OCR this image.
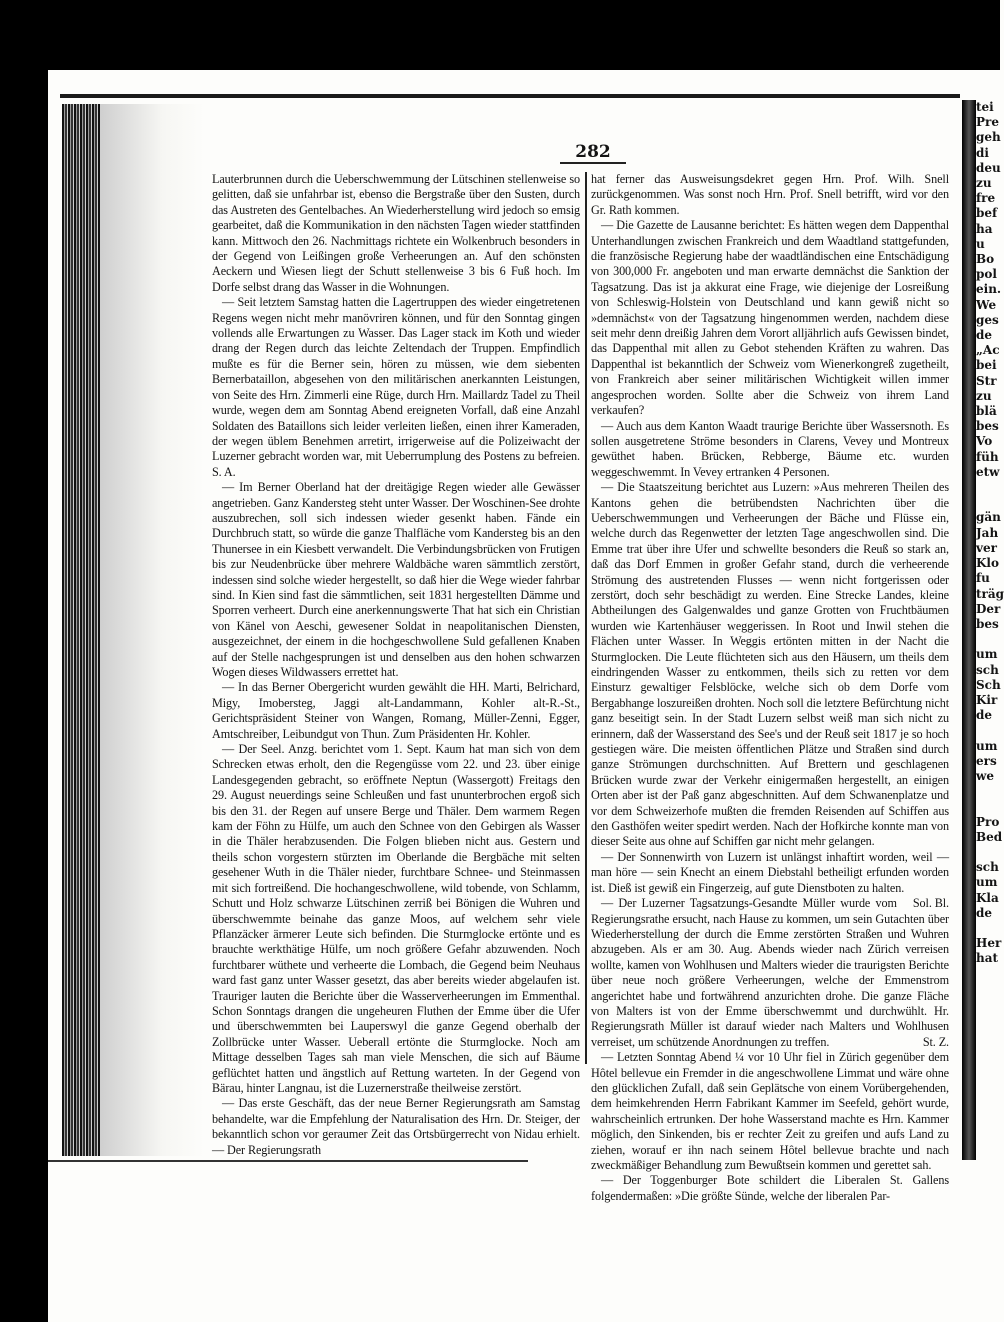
tei
Pre
geh
di
deu
zu
fre
bef
ha
u
Bo
pol
ein.
We
ges
de
„Ac
bei
Str
zu
blä
bes
Vo
füh
etw

gän
Jah
ver
Klo
fu
träg
Der
bes

um
sch
Sch
Kir
de

um
ers
we

Pro
Bed

sch
um
Kla
de

Her
hat
282

Lauterbrunnen durch die Ueberschwemmung der Lütschinen stellenweise so gelitten, daß sie unfahrbar ist, ebenso die Bergstraße über den Susten, durch das Austreten des Gentelbaches. An Wiederherstellung wird jedoch so emsig gearbeitet, daß die Kommunikation in den nächsten Tagen wieder stattfinden kann. Mittwoch den 26. Nachmittags richtete ein Wolkenbruch besonders in der Gegend von Leißingen große Verheerungen an. Auf den schönsten Aeckern und Wiesen liegt der Schutt stellenweise 3 bis 6 Fuß hoch. Im Dorfe selbst drang das Wasser in die Wohnungen.

— Seit letztem Samstag hatten die Lagertruppen des wieder eingetretenen Regens wegen nicht mehr manövriren können, und für den Sonntag gingen vollends alle Erwartungen zu Wasser. Das Lager stack im Koth und wieder drang der Regen durch das leichte Zeltendach der Truppen. Empfindlich mußte es für die Berner sein, hören zu müssen, wie dem siebenten Bernerbataillon, abgesehen von den militärischen anerkannten Leistungen, von Seite des Hrn. Zimmerli eine Rüge, durch Hrn. Maillardz Tadel zu Theil wurde, wegen dem am Sonntag Abend ereigneten Vorfall, daß eine Anzahl Soldaten des Bataillons sich leider verleiten ließen, einen ihrer Kameraden, der wegen üblem Benehmen arretirt, irrigerweise auf die Polizeiwacht der Luzerner gebracht worden war, mit Ueberrumplung des Postens zu befreien. S. A.

— Im Berner Oberland hat der dreitägige Regen wieder alle Gewässer angetrieben. Ganz Kandersteg steht unter Wasser. Der Woschinen-See drohte auszubrechen, soll sich indessen wieder gesenkt haben. Fände ein Durchbruch statt, so würde die ganze Thalfläche vom Kandersteg bis an den Thunersee in ein Kiesbett verwandelt. Die Verbindungsbrücken von Frutigen bis zur Neudenbrücke über mehrere Waldbäche waren sämmtlich zerstört, indessen sind solche wieder hergestellt, so daß hier die Wege wieder fahrbar sind. In Kien sind fast die sämmtlichen, seit 1831 hergestellten Dämme und Sporren verheert. Durch eine anerkennungswerte That hat sich ein Christian von Känel von Aeschi, gewesener Soldat in neapolitanischen Diensten, ausgezeichnet, der einem in die hochgeschwollene Suld gefallenen Knaben auf der Stelle nachgesprungen ist und denselben aus den hohen schwarzen Wogen dieses Wildwassers errettet hat.

— In das Berner Obergericht wurden gewählt die HH. Marti, Belrichard, Migy, Imobersteg, Jaggi alt-Landammann, Kohler alt-R.-St., Gerichtspräsident Steiner von Wangen, Romang, Müller-Zenni, Egger, Amtschreiber, Leibundgut von Thun. Zum Präsidenten Hr. Kohler.

— Der Seel. Anzg. berichtet vom 1. Sept. Kaum hat man sich von dem Schrecken etwas erholt, den die Regengüsse vom 22. und 23. über einige Landesgegenden gebracht, so eröffnete Neptun (Wassergott) Freitags den 29. August neuerdings seine Schleußen und fast ununterbrochen ergoß sich bis den 31. der Regen auf unsere Berge und Thäler. Dem warmem Regen kam der Föhn zu Hülfe, um auch den Schnee von den Gebirgen als Wasser in die Thäler herabzusenden. Die Folgen blieben nicht aus. Gestern und theils schon vorgestern stürzten im Oberlande die Bergbäche mit selten gesehener Wuth in die Thäler nieder, furchtbare Schnee- und Steinmassen mit sich fortreißend. Die hochangeschwollene, wild tobende, von Schlamm, Schutt und Holz schwarze Lütschinen zerriß bei Bönigen die Wuhren und überschwemmte beinahe das ganze Moos, auf welchem sehr viele Pflanzäcker ärmerer Leute sich befinden. Die Sturmglocke ertönte und es brauchte werkthätige Hülfe, um noch größere Gefahr abzuwenden. Noch furchtbarer wüthete und verheerte die Lombach, die Gegend beim Neuhaus ward fast ganz unter Wasser gesetzt, das aber bereits wieder abgelaufen ist. Trauriger lauten die Berichte über die Wasserverheerungen im Emmenthal. Schon Sonntags drangen die ungeheuren Fluthen der Emme über die Ufer und überschwemmten bei Lauperswyl die ganze Gegend oberhalb der Zollbrücke unter Wasser. Ueberall ertönte die Sturmglocke. Noch am Mittage desselben Tages sah man viele Menschen, die sich auf Bäume geflüchtet hatten und ängstlich auf Rettung warteten. In der Gegend von Bärau, hinter Langnau, ist die Luzernerstraße theilweise zerstört.

— Das erste Geschäft, das der neue Berner Regierungsrath am Samstag behandelte, war die Empfehlung der Naturalisation des Hrn. Dr. Steiger, der bekanntlich schon vor geraumer Zeit das Ortsbürgerrecht von Nidau erhielt. — Der Regierungsrath

hat ferner das Ausweisungsdekret gegen Hrn. Prof. Wilh. Snell zurückgenommen. Was sonst noch Hrn. Prof. Snell betrifft, wird vor den Gr. Rath kommen.

— Die Gazette de Lausanne berichtet: Es hätten wegen dem Dappenthal Unterhandlungen zwischen Frankreich und dem Waadtland stattgefunden, die französische Regierung habe der waadtländischen eine Entschädigung von 300,000 Fr. angeboten und man erwarte demnächst die Sanktion der Tagsatzung. Das ist ja akkurat eine Frage, wie diejenige der Losreißung von Schleswig-Holstein von Deutschland und kann gewiß nicht so »demnächst« von der Tagsatzung hingenommen werden, nachdem diese seit mehr denn dreißig Jahren dem Vorort alljährlich aufs Gewissen bindet, das Dappenthal mit allen zu Gebot stehenden Kräften zu wahren. Das Dappenthal ist bekanntlich der Schweiz vom Wienerkongreß zugetheilt, von Frankreich aber seiner militärischen Wichtigkeit willen immer angesprochen worden. Sollte aber die Schweiz von ihrem Land verkaufen?

— Auch aus dem Kanton Waadt traurige Berichte über Wassersnoth. Es sollen ausgetretene Ströme besonders in Clarens, Vevey und Montreux gewüthet haben. Brücken, Rebberge, Bäume etc. wurden weggeschwemmt. In Vevey ertranken 4 Personen.

— Die Staatszeitung berichtet aus Luzern: »Aus mehreren Theilen des Kantons gehen die betrübendsten Nachrichten über die Ueberschwemmungen und Verheerungen der Bäche und Flüsse ein, welche durch das Regenwetter der letzten Tage angeschwollen sind. Die Emme trat über ihre Ufer und schwellte besonders die Reuß so stark an, daß das Dorf Emmen in großer Gefahr stand, durch die verheerende Strömung des austretenden Flusses — wenn nicht fortgerissen oder zerstört, doch sehr beschädigt zu werden. Eine Strecke Landes, kleine Abtheilungen des Galgenwaldes und ganze Grotten von Fruchtbäumen wurden wie Kartenhäuser weggerissen. In Root und Inwil stehen die Flächen unter Wasser. In Weggis ertönten mitten in der Nacht die Sturmglocken. Die Leute flüchteten sich aus den Häusern, um theils dem eindringenden Wasser zu entkommen, theils sich zu retten vor dem Einsturz gewaltiger Felsblöcke, welche sich ob dem Dorfe vom Bergabhange loszureißen drohten. Noch soll die letztere Befürchtung nicht ganz beseitigt sein. In der Stadt Luzern selbst weiß man sich nicht zu erinnern, daß der Wasserstand des See's und der Reuß seit 1817 je so hoch gestiegen wäre. Die meisten öffentlichen Plätze und Straßen sind durch ganze Strömungen durchschnitten. Auf Brettern und geschlagenen Brücken wurde zwar der Verkehr einigermaßen hergestellt, an einigen Orten aber ist der Paß ganz abgeschnitten. Auf dem Schwanenplatze und vor dem Schweizerhofe mußten die fremden Reisenden auf Schiffen aus den Gasthöfen weiter spedirt werden. Nach der Hofkirche konnte man von dieser Seite aus ohne auf Schiffen gar nicht mehr gelangen.

— Der Sonnenwirth von Luzern ist unlängst inhaftirt worden, weil — man höre — sein Knecht an einem Diebstahl betheiligt erfunden worden ist. Dieß ist gewiß ein Fingerzeig, auf gute Dienstboten zu halten.
Sol. Bl.

— Der Luzerner Tagsatzungs-Gesandte Müller wurde vom Regierungsrathe ersucht, nach Hause zu kommen, um sein Gutachten über Wiederherstellung der durch die Emme zerstörten Straßen und Wuhren abzugeben. Als er am 30. Aug. Abends wieder nach Zürich verreisen wollte, kamen von Wohlhusen und Malters wieder die traurigsten Berichte über neue noch größere Verheerungen, welche der Emmenstrom angerichtet habe und fortwährend anzurichten drohe. Die ganze Fläche von Malters ist von der Emme überschwemmt und durchwühlt. Hr. Regierungsrath Müller ist darauf wieder nach Malters und Wohlhusen verreiset, um schützende Anordnungen zu treffen.	St. Z.

— Letzten Sonntag Abend ¼ vor 10 Uhr fiel in Zürich gegenüber dem Hôtel bellevue ein Fremder in die angeschwollene Limmat und wäre ohne den glücklichen Zufall, daß sein Geplätsche von einem Vorübergehenden, dem heimkehrenden Herrn Fabrikant Kammer im Seefeld, gehört wurde, wahrscheinlich ertrunken. Der hohe Wasserstand machte es Hrn. Kammer möglich, den Sinkenden, bis er rechter Zeit zu greifen und aufs Land zu ziehen, worauf er ihn nach seinem Hôtel bellevue brachte und nach zweckmäßiger Behandlung zum Bewußtsein kommen und gerettet sah.

— Der Toggenburger Bote schildert die Liberalen St. Gallens folgendermaßen: »Die größte Sünde, welche der liberalen Par-
